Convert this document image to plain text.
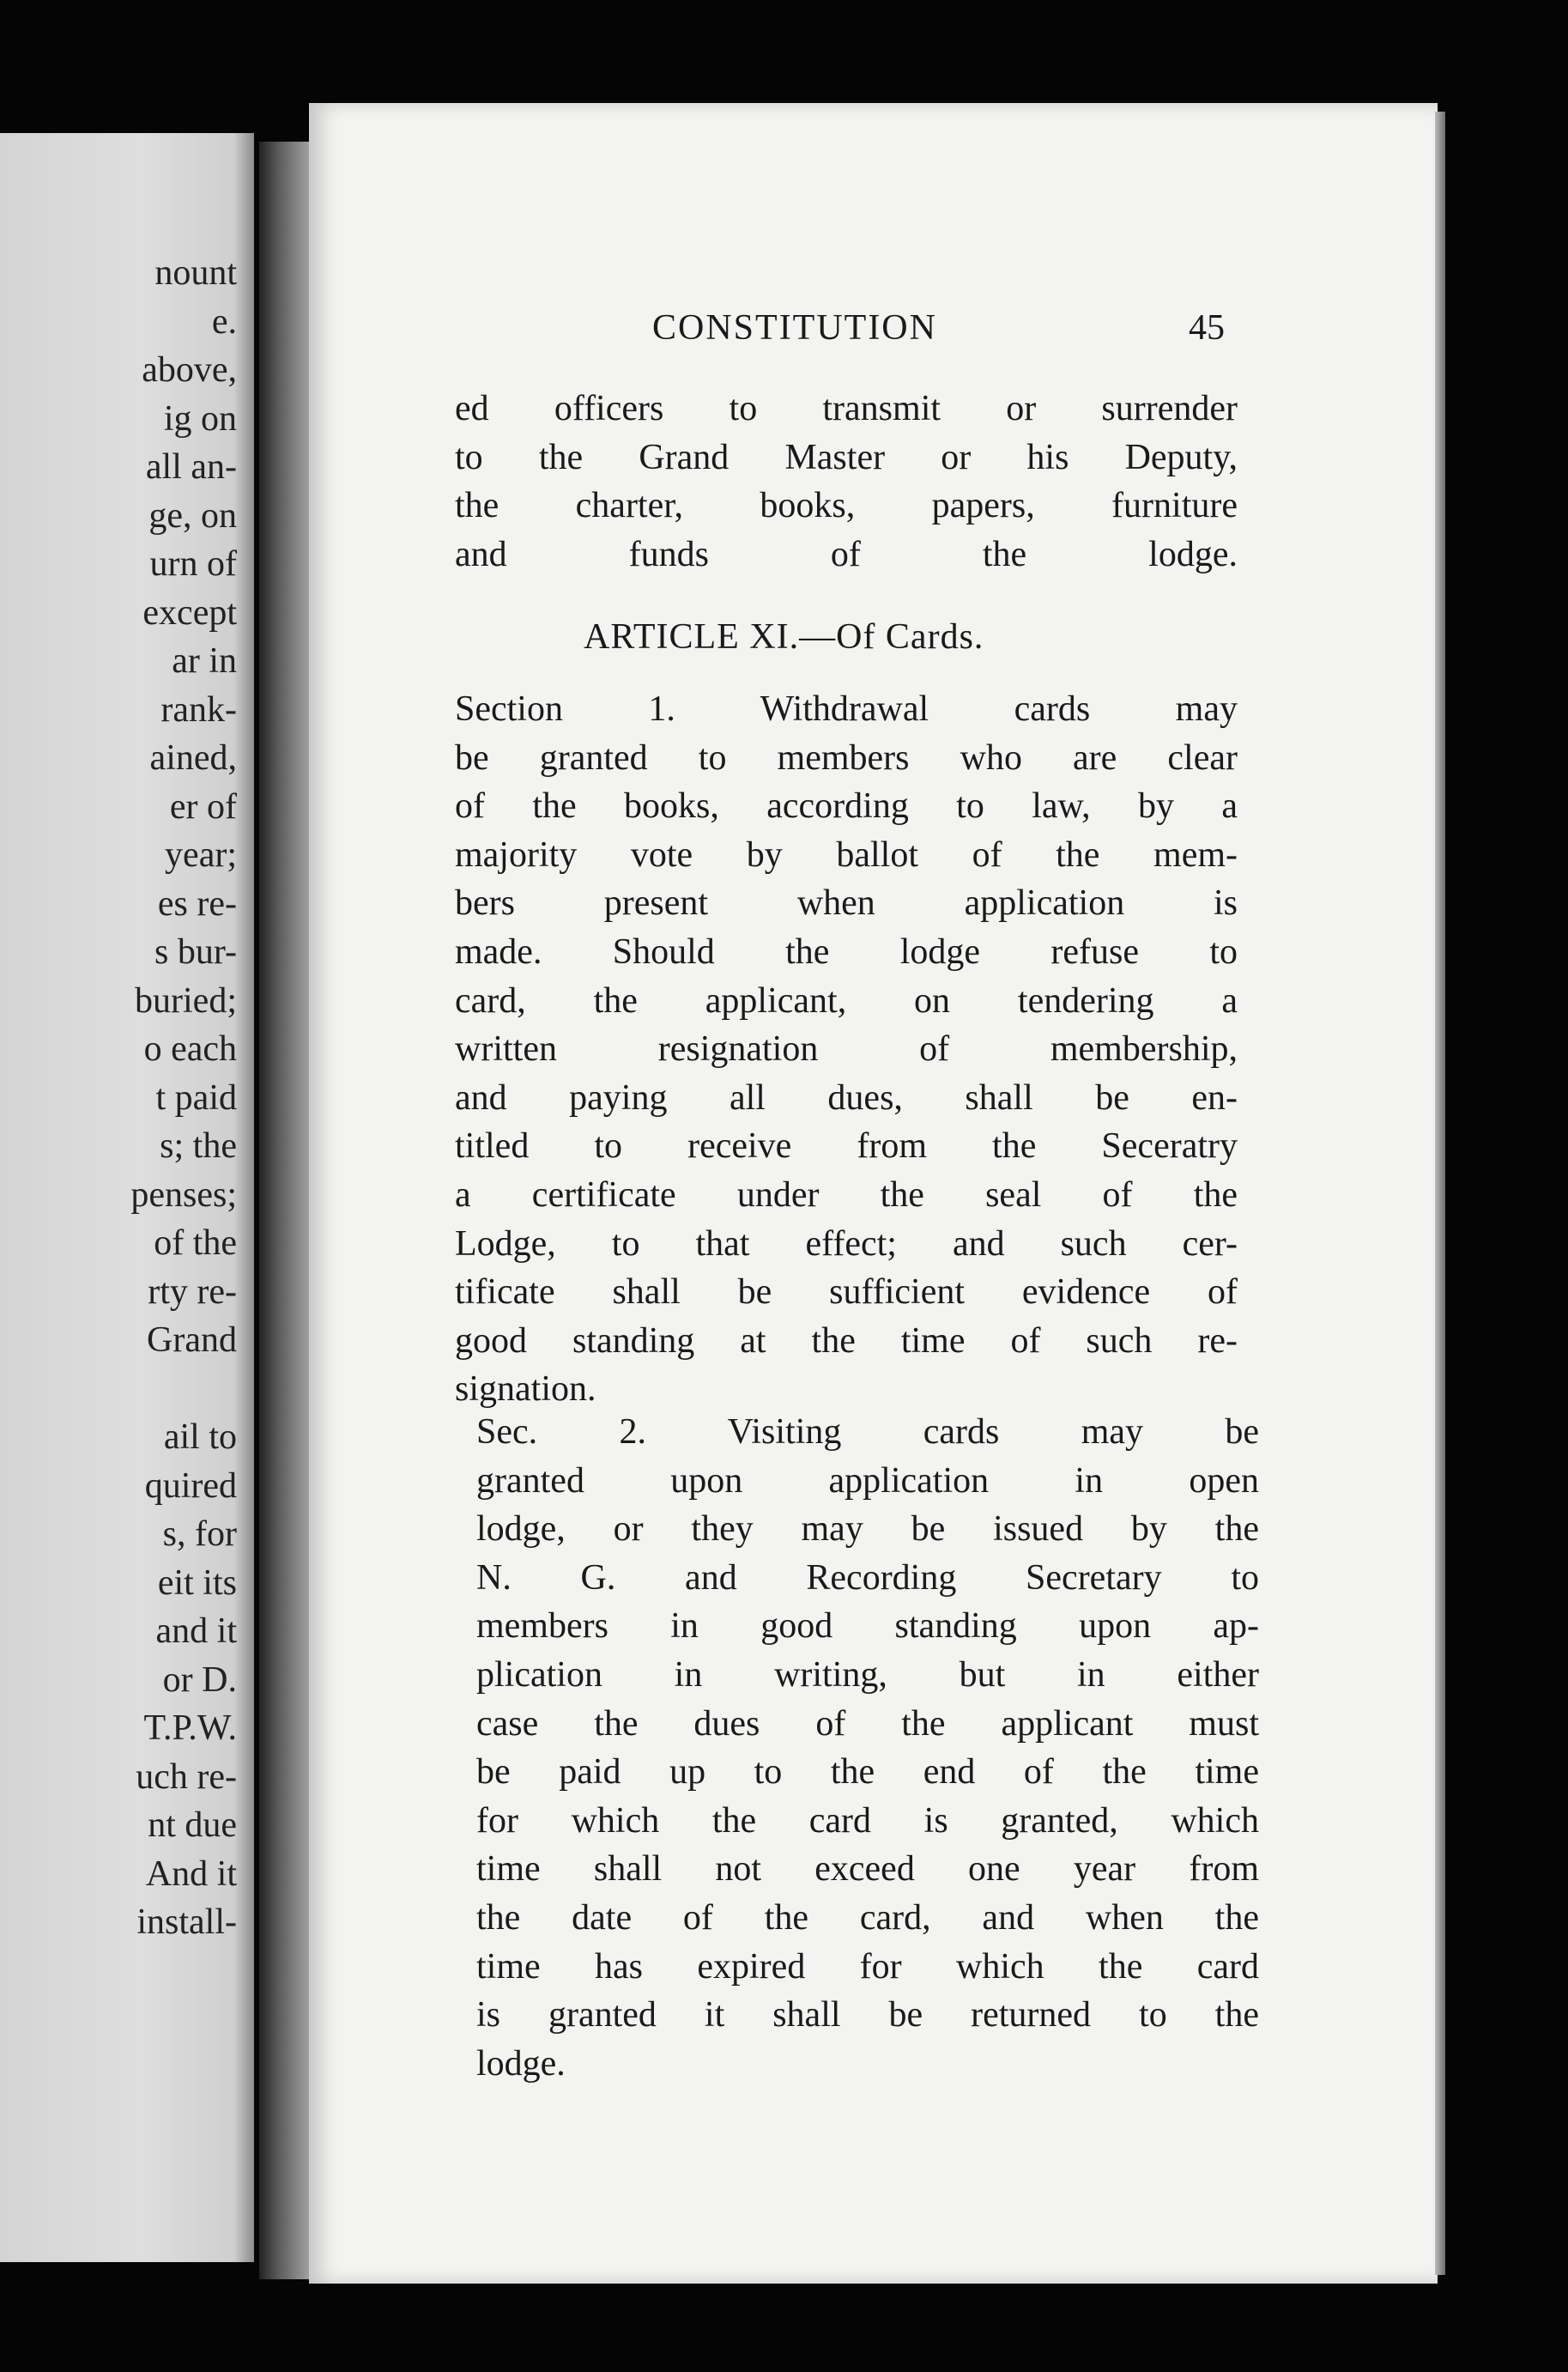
nount
e.
above,
ig on
all an-
ge, on
urn of
except
ar in
rank-
ained,
er of
year;
es re-
s bur-
buried;
o each
t paid
s; the
penses;
of the
rty re-
Grand
ail to
quired
s, for
eit its
and it
or D.
T.P.W.
uch re-
nt due
And it
install-
CONSTITUTION	45
ed officers to transmit or surrender
to the Grand Master or his Deputy,
the charter, books, papers, furniture
and funds of the lodge.
ARTICLE XI.—Of Cards.
Section 1. Withdrawal cards may
be granted to members who are clear
of the books, according to law, by a
majority vote by ballot of the mem-
bers present when application is
made. Should the lodge refuse to
card, the applicant, on tendering a
written resignation of membership,
and paying all dues, shall be en-
titled to receive from the Seceratry
a certificate under the seal of the
Lodge, to that effect; and such cer-
tificate shall be sufficient evidence of
good standing at the time of such re-
signation.
Sec. 2. Visiting cards may be
granted upon application in open
lodge, or they may be issued by the
N. G. and Recording Secretary to
members in good standing upon ap-
plication in writing, but in either
case the dues of the applicant must
be paid up to the end of the time
for which the card is granted, which
time shall not exceed one year from
the date of the card, and when the
time has expired for which the card
is granted it shall be returned to the
lodge.
